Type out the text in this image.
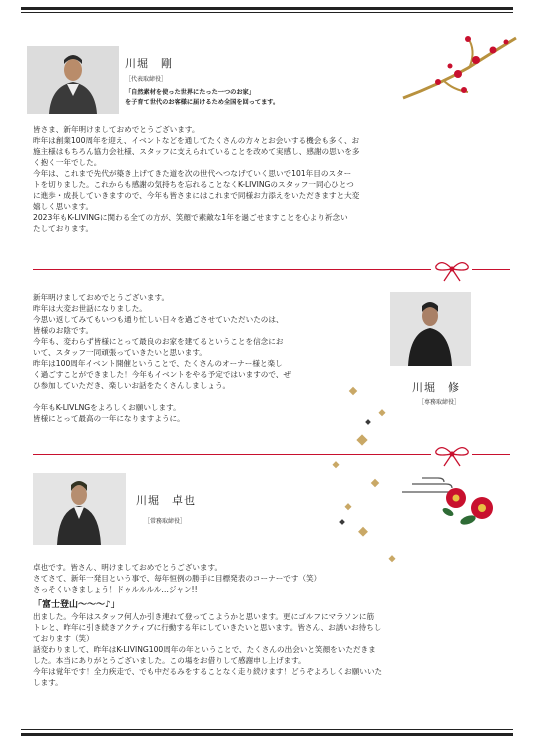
川堀　剛
［代表取締役］
「自然素材を使った世界にたった一つのお家」
を子育て世代のお客様に届けるため全国を回ってます。
皆さま、新年明けましておめでとうございます。
昨年は創業100周年を迎え、イベントなどを通してたくさんの方々とお会いする機会も多く、お
施主様はもちろん協力会社様、スタッフに支えられていることを改めて実感し、感謝の思いを多
く抱く一年でした。
今年は、これまで先代が築き上げてきた道を次の世代へつなげていく思いで101年目のスター
トを切りました。これからも感謝の気持ちを忘れることなくK-LIVINGのスタッフ一同心ひとつ
に進歩・成長していきますので、今年も皆さまにはこれまで同様お力添えをいただきますと大変
嬉しく思います。
2023年もK-LIVINGに関わる全ての方が、笑顔で素敵な1年を過ごせますことを心より祈念い
たしております。
新年明けましておめでとうございます。
昨年は大変お世話になりました。
今思い返してみてもいつも通り忙しい日々を過ごさせていただいたのは、
皆様のお陰です。
今年も、変わらず皆様にとって最良のお家を建てるということを信念にお
いて、スタッフ一同頑張っていきたいと思います。
昨年は100周年イベント開催ということで、たくさんのオーナー様と楽し
く過ごすことができました！今年もイベントをやる予定ではいますので、ぜ
ひ参加していただき、楽しいお話をたくさんしましょう。

今年もK-LIVLNGをよろしくお願いします。
皆様にとって最高の一年になりますように。
川堀　修
［専務取締役］
川堀　卓也
［常務取締役］
卓也です。皆さん、明けましておめでとうございます。
さてさて、新年一発目という事で、毎年恒例の勝手に目標発表のコーナーです（笑）
さっそくいきましょう！ドゥルルルル…ジャン!!
「富士登山〜〜〜♪」
出ました。今年はスタッフ何人か引き連れて登ってこようかと思います。更にゴルフにマラソンに筋
トレと、昨年に引き続きアクティブに行動する年にしていきたいと思います。皆さん、お誘いお待ちし
ております（笑）
話変わりまして、昨年はK-LIVING100周年の年ということで、たくさんの出会いと笑顔をいただきま
した。本当にありがとうございました。この場をお借りして感謝申し上げます。
今年は覚年です！全力疾走で、でも中だるみをすることなく走り続けます！どうぞよろしくお願いいた
します。
